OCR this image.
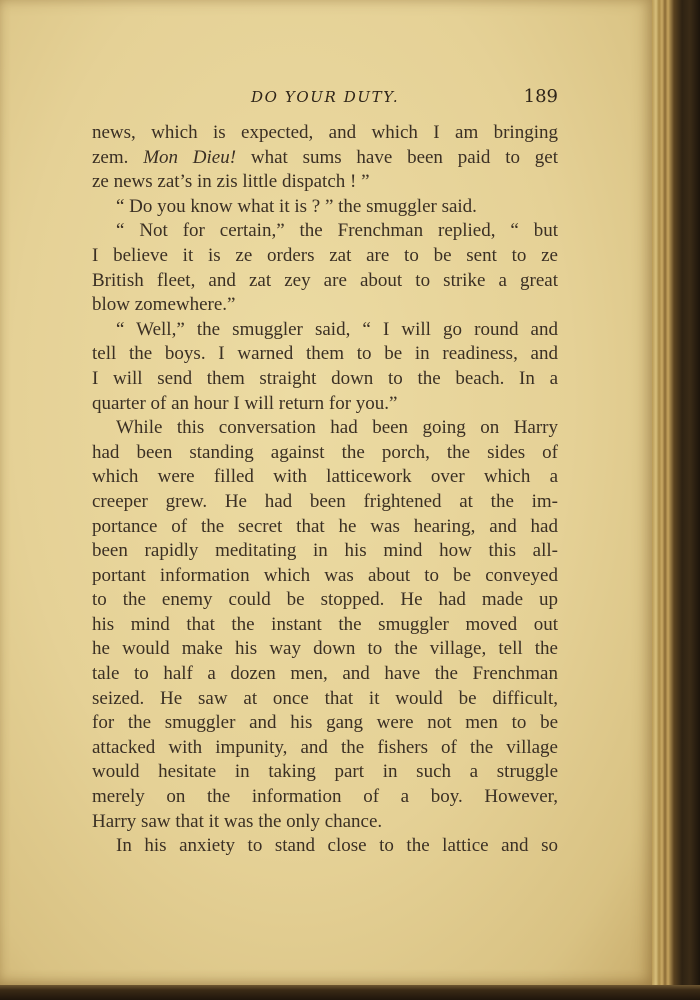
DO YOUR DUTY.	189
news, which is expected, and which I am bringing
zem. Mon Dieu! what sums have been paid to get
ze news zat’s in zis little dispatch ! ”
“ Do you know what it is ? ” the smuggler said.
“ Not for certain,” the Frenchman replied, “ but
I believe it is ze orders zat are to be sent to ze
British fleet, and zat zey are about to strike a great
blow zomewhere.”
“ Well,” the smuggler said, “ I will go round and
tell the boys. I warned them to be in readiness, and
I will send them straight down to the beach. In a
quarter of an hour I will return for you.”
While this conversation had been going on Harry
had been standing against the porch, the sides of
which were filled with latticework over which a
creeper grew. He had been frightened at the im-
portance of the secret that he was hearing, and had
been rapidly meditating in his mind how this all-
portant information which was about to be conveyed
to the enemy could be stopped. He had made up
his mind that the instant the smuggler moved out
he would make his way down to the village, tell the
tale to half a dozen men, and have the Frenchman
seized. He saw at once that it would be difficult,
for the smuggler and his gang were not men to be
attacked with impunity, and the fishers of the village
would hesitate in taking part in such a struggle
merely on the information of a boy. However,
Harry saw that it was the only chance.
In his anxiety to stand close to the lattice and so
